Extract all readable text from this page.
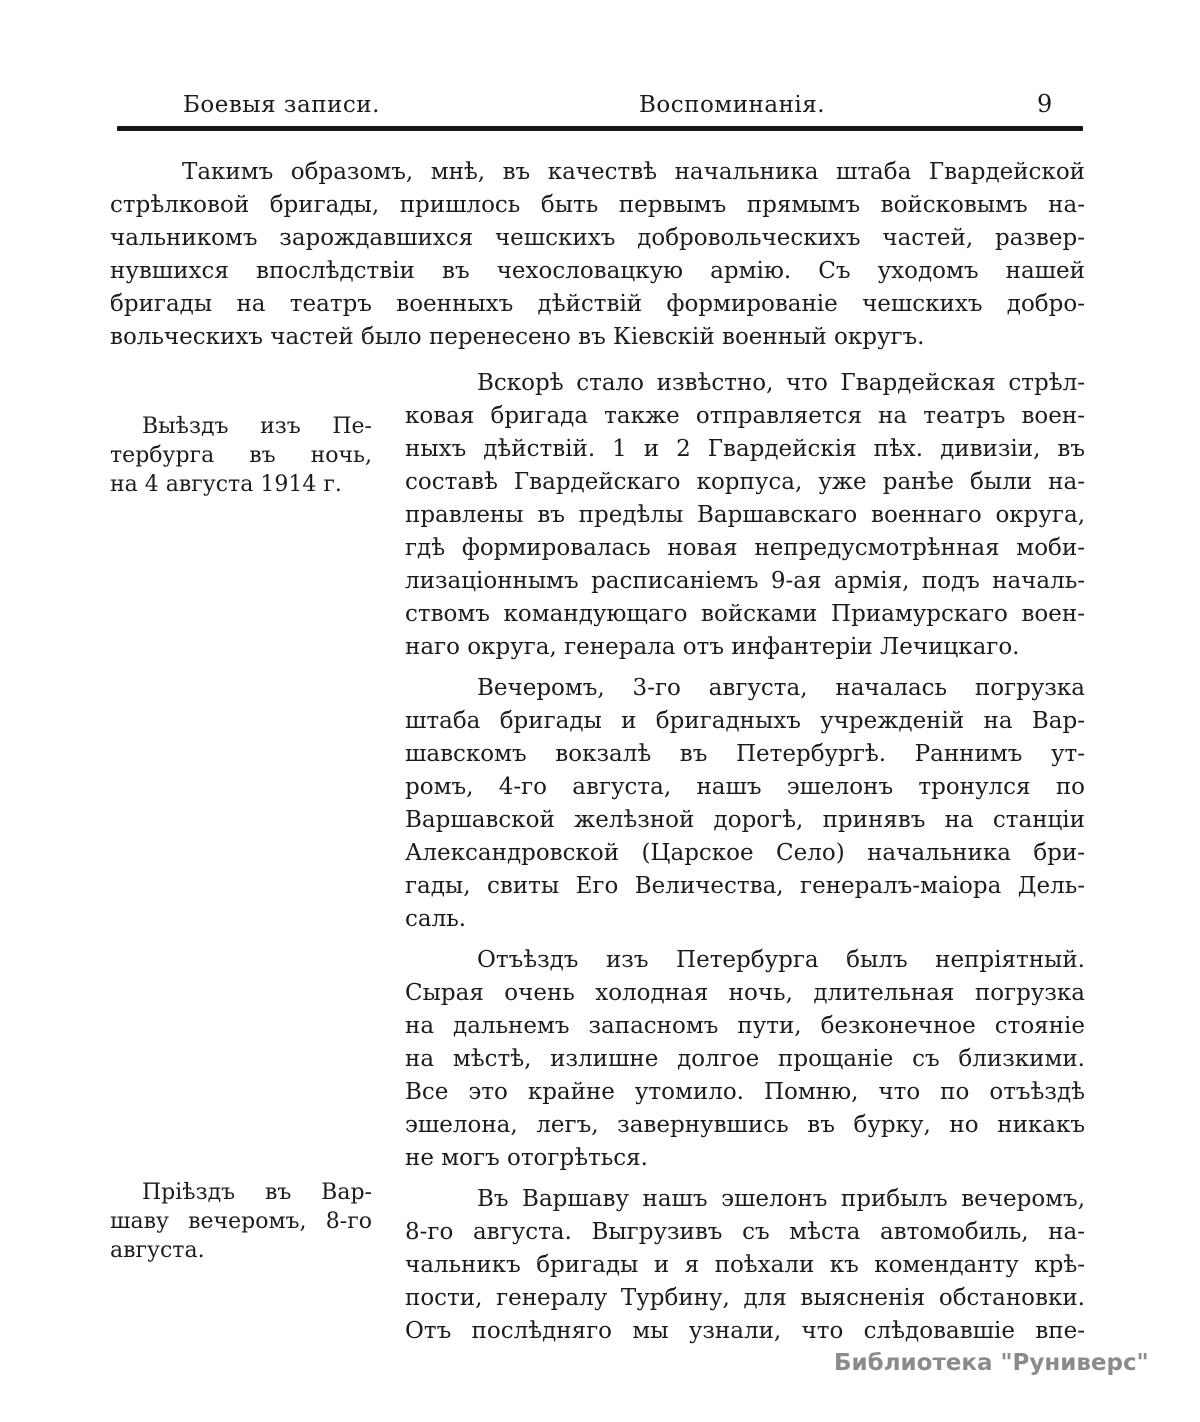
Боевыя записи.	Воспоминанія.	9
Такимъ образомъ, мнѣ, въ качествѣ начальника штаба Гвардейской
стрѣлковой бригады, пришлось быть первымъ прямымъ войсковымъ на-
чальникомъ зарождавшихся чешскихъ добровольческихъ частей, развер-
нувшихся впослѣдствіи въ чехословацкую армію. Съ уходомъ нашей
бригады на театръ военныхъ дѣйствій формированіе чешскихъ добро-
вольческихъ частей было перенесено въ Кіевскій военный округъ.
Выѣздъ изъ Пе-
тербурга въ ночь,
на 4 августа 1914 г.
Пріѣздъ въ Вар-
шаву вечеромъ, 8-го
августа.
Вскорѣ стало извѣстно, что Гвардейская стрѣл-
ковая бригада также отправляется на театръ воен-
ныхъ дѣйствій. 1 и 2 Гвардейскія пѣх. дивизіи, въ
составѣ Гвардейскаго корпуса, уже ранѣе были на-
правлены въ предѣлы Варшавскаго военнаго округа,
гдѣ формировалась новая непредусмотрѣнная моби-
лизаціоннымъ расписаніемъ 9-ая армія, подъ началь-
ствомъ командующаго войсками Приамурскаго воен-
наго округа, генерала отъ инфантеріи Лечицкаго.
Вечеромъ, 3-го августа, началась погрузка
штаба бригады и бригадныхъ учрежденій на Вар-
шавскомъ вокзалѣ въ Петербургѣ. Раннимъ ут-
ромъ, 4-го августа, нашъ эшелонъ тронулся по
Варшавской желѣзной дорогѣ, принявъ на станціи
Александровской (Царское Село) начальника бри-
гады, свиты Его Величества, генералъ-маіора Дель-
саль.
Отъѣздъ изъ Петербурга былъ непріятный.
Сырая очень холодная ночь, длительная погрузка
на дальнемъ запасномъ пути, безконечное стояніе
на мѣстѣ, излишне долгое прощаніе съ близкими.
Все это крайне утомило. Помню, что по отъѣздѣ
эшелона, легъ, завернувшись въ бурку, но никакъ
не могъ отогрѣться.
Въ Варшаву нашъ эшелонъ прибылъ вечеромъ,
8-го августа. Выгрузивъ съ мѣста автомобиль, на-
чальникъ бригады и я поѣхали къ коменданту крѣ-
пости, генералу Турбину, для выясненія обстановки.
Отъ послѣдняго мы узнали, что слѣдовавшіе впе-
Библиотека "Руниверс"
